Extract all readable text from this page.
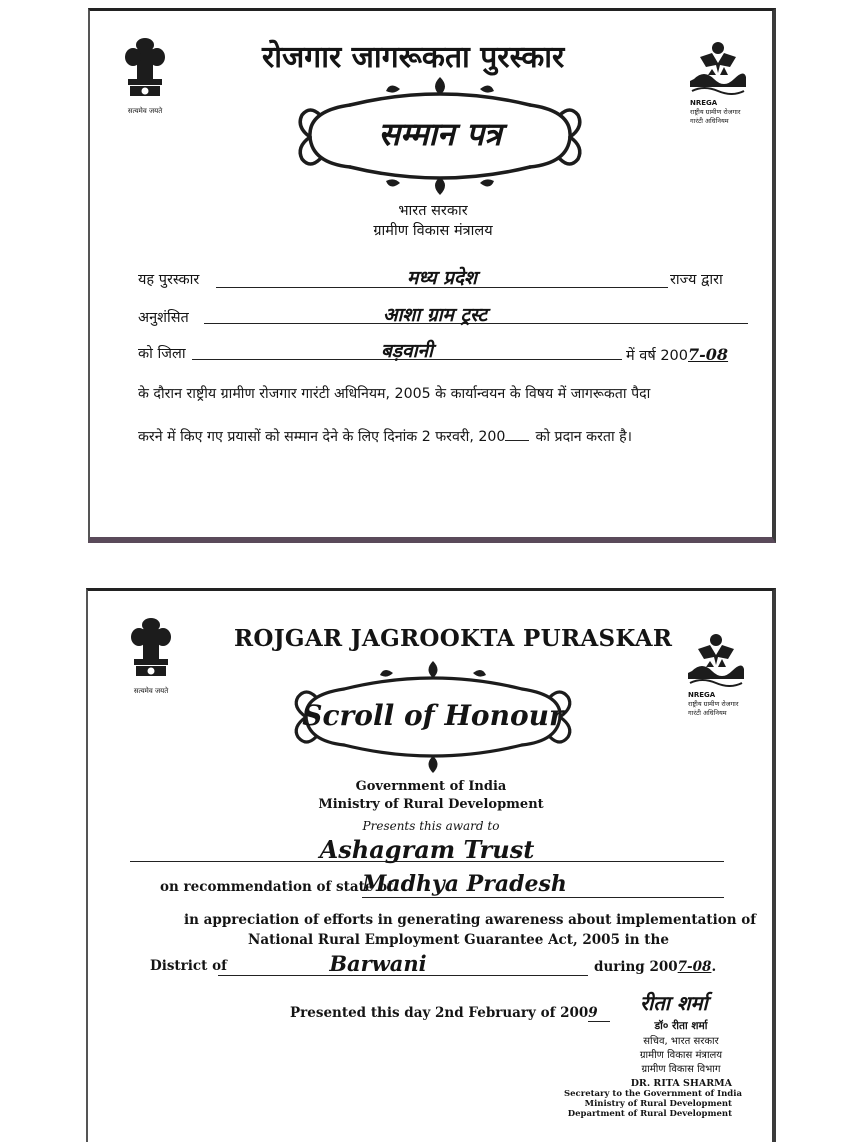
सत्यमेव जयते
रोजगार जागरूकता पुरस्कार
NREGA
राष्ट्रीय ग्रामीण रोजगार
गारंटी अधिनियम
सम्मान पत्र
भारत सरकार
ग्रामीण विकास मंत्रालय
यह पुरस्कार	मध्य प्रदेश	राज्य द्वारा
अनुशंसित	आशा ग्राम ट्रस्ट
को जिला	बड़वानी	में वर्ष 2007-08
के दौरान राष्ट्रीय ग्रामीण रोजगार गारंटी अधिनियम, 2005 के कार्यान्वयन के विषय में जागरूकता पैदा
करने में किए गए प्रयासों को सम्मान देने के लिए दिनांक 2 फरवरी, 200 को प्रदान करता है।
सत्यमेव जयते
ROJGAR JAGROOKTA PURASKAR
NREGA
राष्ट्रीय ग्रामीण रोजगार
गारंटी अधिनियम
Scroll of Honour
Government of India
Ministry of Rural Development
Presents this award to
Ashagram Trust
on recommendation of state of
Madhya Pradesh
in appreciation of efforts in generating awareness about implementation of
National Rural Employment Guarantee Act, 2005 in the
District of	Barwani	during 2007-08.
Presented this day 2nd February of 2009	रीता शर्मा
डॉ० रीता शर्मा
सचिव, भारत सरकार
ग्रामीण विकास मंत्रालय
ग्रामीण विकास विभाग
DR. RITA SHARMA
Secretary to the Government of India
Ministry of Rural Development
Department of Rural Development
